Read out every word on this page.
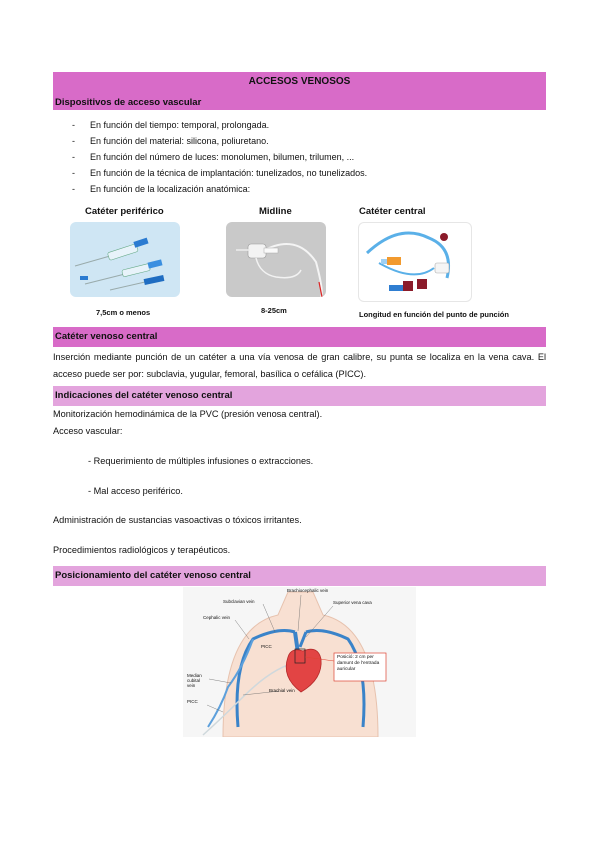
ACCESOS VENOSOS
Dispositivos de acceso vascular
- En función del tiempo: temporal, prolongada.
- En función del material: silicona, poliuretano.
- En función del número de luces: monolumen, bilumen, trilumen, ...
- En función de la técnica de implantación: tunelizados, no tunelizados.
- En función de la localización anatómica:
Catéter periférico	Midline	Catéter central
7,5cm o menos	8-25cm	Longitud en función del punto de punción
Catéter venoso central
Inserción mediante punción de un catéter a una vía venosa de gran calibre, su punta se localiza en la vena cava. El acceso puede ser por: subclavia, yugular, femoral, basílica o cefálica (PICC).
Indicaciones del catéter venoso central
Monitorización hemodinámica de la PVC (presión venosa central).
Acceso vascular:
- Requerimiento de múltiples infusiones o extracciones.
- Mal acceso periférico.
Administración de sustancias vasoactivas o tóxicos irritantes.
Procedimientos radiológicos y terapéuticos.
Posicionamiento del catéter venoso central
Brachiocephalic vein
Subclavian vein	Superior vena cava
Cephalic vein
PICC
Median cubital vein
Brachial vein
PICC
Posició: 2 cm per damunt de l'entrada auricular
